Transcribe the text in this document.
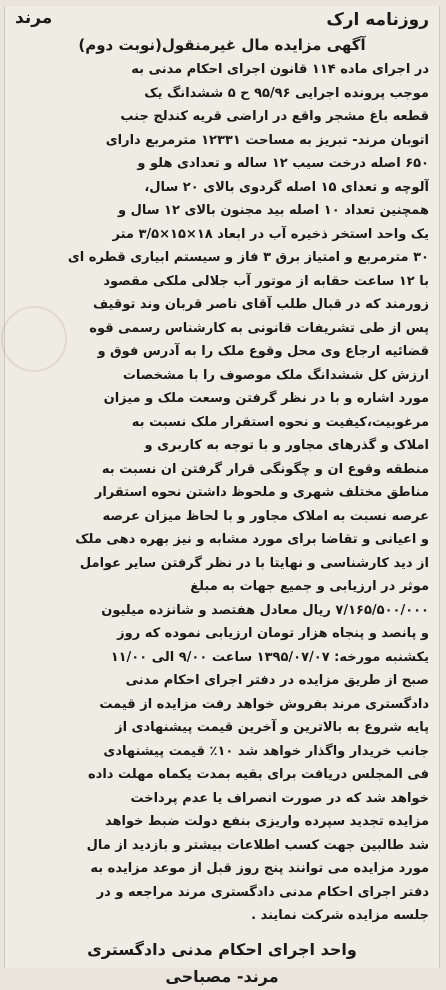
روزنامه ارک
مرند
آگهی مزایده مال غیرمنقول(نوبت دوم)
در اجرای ماده ۱۱۴ قانون اجرای احکام مدنی به
موجب پرونده اجرایی ۹۵/۹۶ ح ۵ ششدانگ یک
قطعه باغ مشجر واقع در اراضی قریه کندلج جنب
اتوبان مرند- تبریز به مساحت ۱۲۳۳۱ مترمربع دارای
۶۵۰ اصله درخت سیب ۱۲ ساله و تعدادی هلو و
آلوچه و تعدای ۱۵ اصله گردوی بالای ۲۰ سال،
همچنین تعداد ۱۰ اصله بید مجنون بالای ۱۲ سال و
یک واحد استخر ذخیره آب در ابعاد ۱۸×۱۵×۳/۵ متر
۳۰ مترمربع و امتیاز برق ۳ فاز و سیستم ابیاری قطره ای
با ۱۲ ساعت حقابه از موتور آب جلالی ملکی مقصود
زورمند که در قبال طلب آقای ناصر قربان وند توقیف
پس از طی تشریفات قانونی به کارشناس رسمی قوه
قضائیه ارجاع وی محل وقوع ملک را به آدرس فوق و
ارزش کل ششدانگ ملک موصوف را با مشخصات
مورد اشاره و با در نظر گرفتن وسعت ملک و میزان
مرغوبیت،کیفیت و نحوه استقرار ملک نسبت به
املاک و گذرهای مجاور و با توجه به کاربری و
منطقه وقوع ان و چگونگی قرار گرفتن ان نسبت به
مناطق مختلف شهری و ملحوظ داشتن نحوه استقرار
عرصه نسبت به املاک مجاور و با لحاظ میزان عرصه
و اعیانی و تقاضا برای مورد مشابه و نیز بهره دهی ملک
از دید کارشناسی و نهایتا با در نظر گرفتن سایر عوامل
موثر در ارزیابی و جمیع جهات به مبلغ
۷/۱۶۵/۵۰۰/۰۰۰ ریال معادل هفتصد و شانزده میلیون
و پانصد و پنجاه هزار تومان ارزیابی نموده که روز
یکشنبه مورخه: ۱۳۹۵/۰۷/۰۷ ساعت ۹/۰۰ الی ۱۱/۰۰
صبح از طریق مزایده در دفتر اجرای احکام مدنی
دادگستری مرند بفروش خواهد رفت مزایده از قیمت
پایه شروع به بالاترین و آخرین قیمت پیشنهادی از
جانب خریدار واگذار خواهد شد ۱۰٪ قیمت پیشنهادی
فی المجلس دریافت برای بقیه بمدت یکماه مهلت داده
خواهد شد که در صورت انصراف یا عدم پرداخت
مزایده تجدید سپرده واریزی بنفع دولت ضبط خواهد
شد طالبین جهت کسب اطلاعات بیشتر و بازدید از مال
مورد مزایده می توانند پنج روز قبل از موعد مزایده به
دفتر اجرای احکام مدنی دادگستری مرند مراجعه و در
جلسه مزایده شرکت نمایند .
واحد اجرای احکام مدنی دادگستری
مرند- مصباحی
